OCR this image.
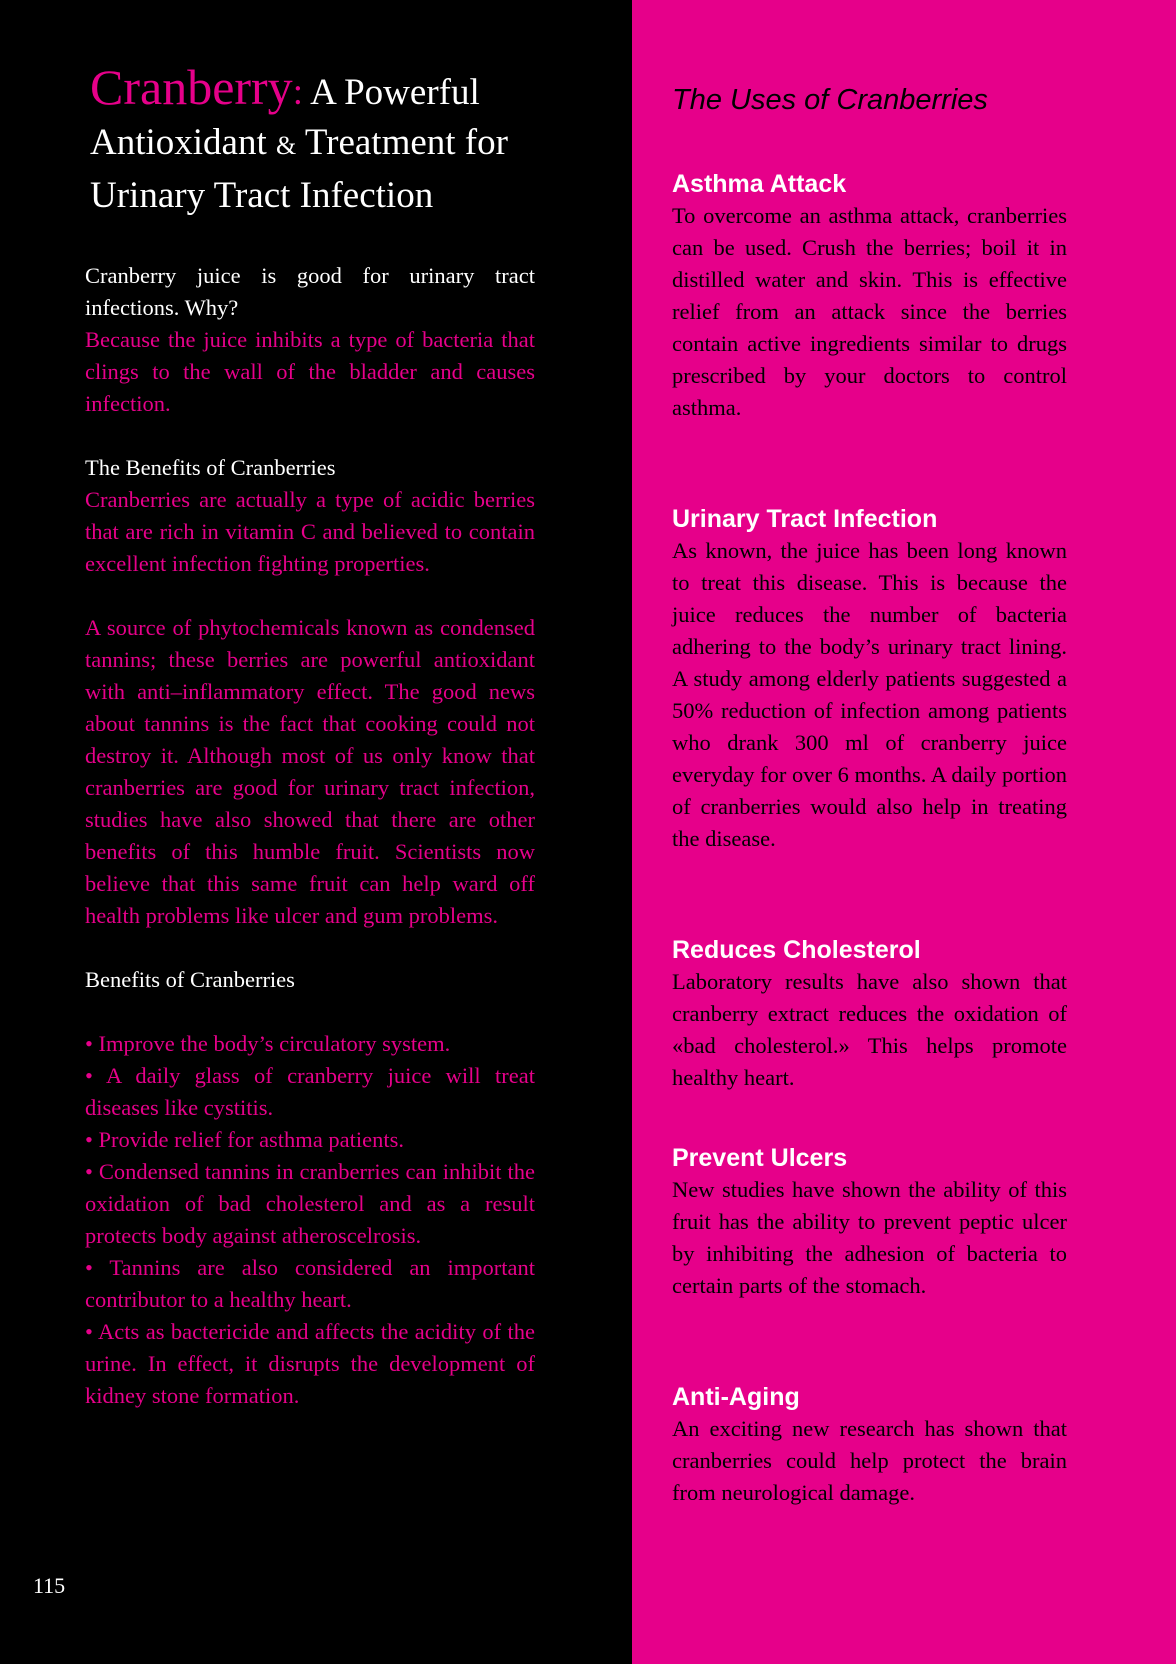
Cranberry: A Powerful
Antioxidant & Treatment for
Urinary Tract Infection

Cranberry juice is good for urinary tract infections. Why?

Because the juice inhibits a type of bacteria that clings to the wall of the bladder and causes infection.

The Benefits of Cranberries

Cranberries are actually a type of acidic berries that are rich in vitamin C and believed to contain excellent infection fighting properties.

A source of phytochemicals known as condensed tannins; these berries are powerful antioxidant with anti–inflammatory effect. The good news about tannins is the fact that cooking could not destroy it. Although most of us only know that cranberries are good for urinary tract infection, studies have also showed that there are other benefits of this humble fruit. Scientists now believe that this same fruit can help ward off health problems like ulcer and gum problems.

Benefits of Cranberries

• Improve the body’s circulatory system.
• A daily glass of cranberry juice will treat diseases like cystitis.
• Provide relief for asthma patients.
• Condensed tannins in cranberries can inhibit the oxidation of bad cholesterol and as a result protects body against atheroscelrosis.
• Tannins are also considered an important contributor to a healthy heart.
• Acts as bactericide and affects the acidity of the urine. In effect, it disrupts the development of kidney stone formation.
115
The Uses of Cranberries
Asthma Attack

To overcome an asthma attack, cranberries can be used. Crush the berries; boil it in distilled water and skin. This is effective relief from an attack since the berries contain active ingredients similar to drugs prescribed by your doctors to control asthma.

Urinary Tract Infection

As known, the juice has been long known to treat this disease. This is because the juice reduces the number of bacteria adhering to the body’s urinary tract lining. A study among elderly patients suggested a 50% reduction of infection among patients who drank 300 ml of cranberry juice everyday for over 6 months. A daily portion of cranberries would also help in treating the disease.

Reduces Cholesterol

Laboratory results have also shown that cranberry extract reduces the oxidation of «bad cholesterol.» This helps promote healthy heart.

Prevent Ulcers

New studies have shown the ability of this fruit has the ability to prevent peptic ulcer by inhibiting the adhesion of bacteria to certain parts of the stomach.

Anti-Aging

An exciting new research has shown that cranberries could help protect the brain from neurological damage.
